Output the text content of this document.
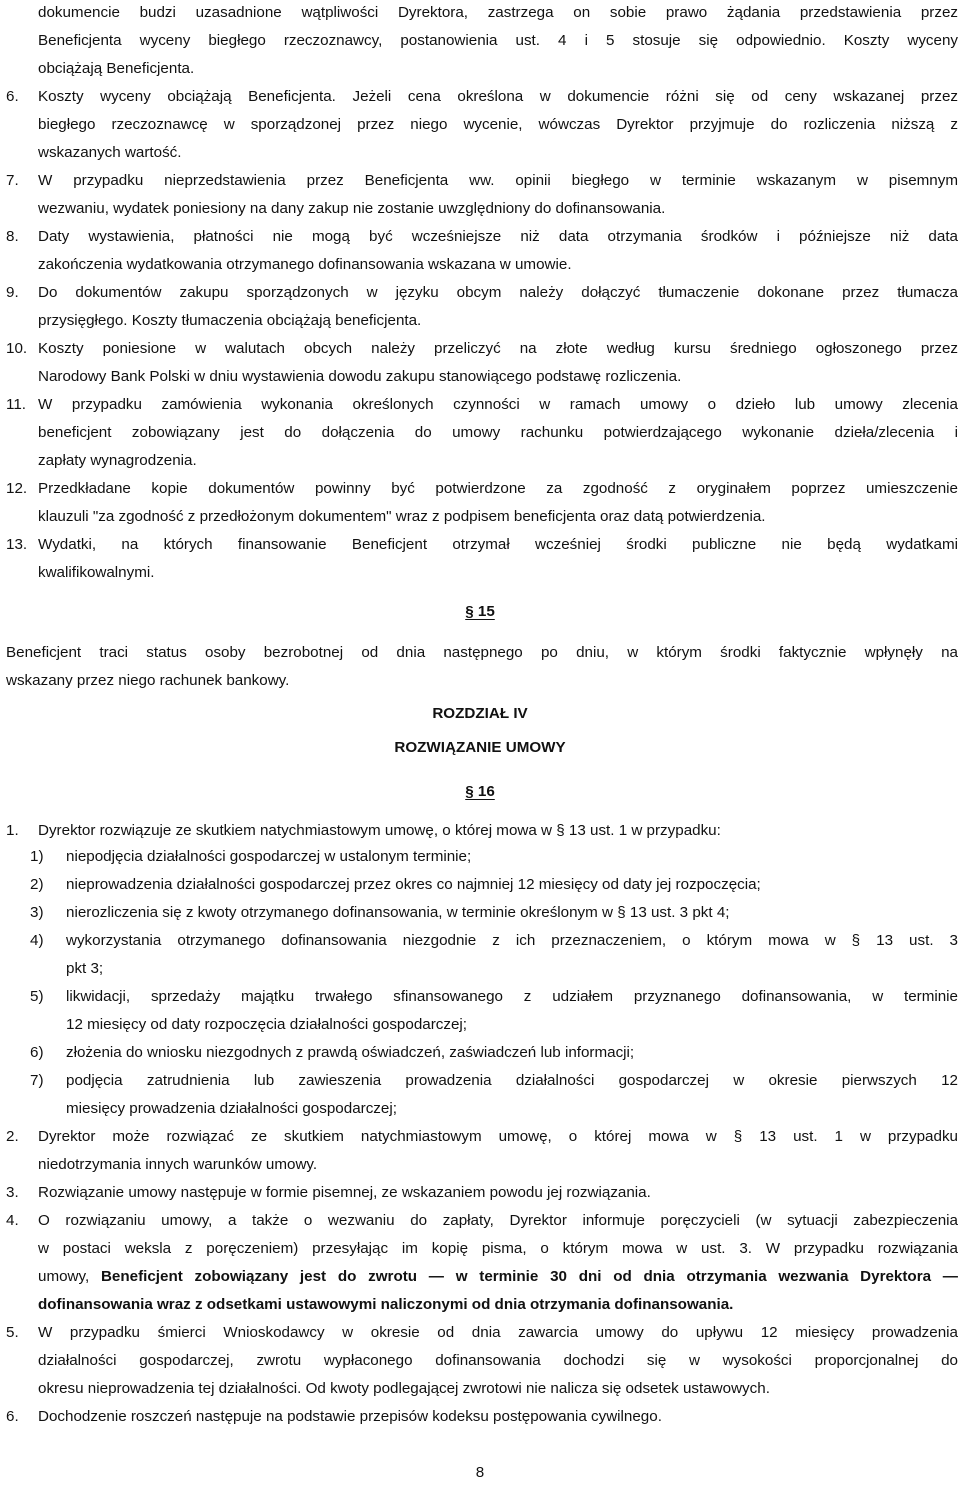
dokumencie budzi uzasadnione wątpliwości Dyrektora, zastrzega on sobie prawo żądania przedstawienia przez
Beneficjenta wyceny biegłego rzeczoznawcy, postanowienia ust. 4 i 5 stosuje się odpowiednio. Koszty wyceny
obciążają Beneficjenta.
6. Koszty wyceny obciążają Beneficjenta. Jeżeli cena określona w dokumencie różni się od ceny wskazanej przez
biegłego rzeczoznawcę w sporządzonej przez niego wycenie, wówczas Dyrektor przyjmuje do rozliczenia niższą z
wskazanych wartość.
7. W przypadku nieprzedstawienia przez Beneficjenta ww. opinii biegłego w terminie wskazanym w pisemnym
wezwaniu, wydatek poniesiony na dany zakup nie zostanie uwzględniony do dofinansowania.
8. Daty wystawienia, płatności nie mogą być wcześniejsze niż data otrzymania środków i późniejsze niż data
zakończenia wydatkowania otrzymanego dofinansowania wskazana w umowie.
9. Do dokumentów zakupu sporządzonych w języku obcym należy dołączyć tłumaczenie dokonane przez tłumacza
przysięgłego. Koszty tłumaczenia obciążają beneficjenta.
10. Koszty poniesione w walutach obcych należy przeliczyć na złote według kursu średniego ogłoszonego przez
Narodowy Bank Polski w dniu wystawienia dowodu zakupu stanowiącego podstawę rozliczenia.
11. W przypadku zamówienia wykonania określonych czynności w ramach umowy o dzieło lub umowy zlecenia
beneficjent zobowiązany jest do dołączenia do umowy rachunku potwierdzającego wykonanie dzieła/zlecenia i
zapłaty wynagrodzenia.
12. Przedkładane kopie dokumentów powinny być potwierdzone za zgodność z oryginałem poprzez umieszczenie
klauzuli "za zgodność z przedłożonym dokumentem" wraz z podpisem beneficjenta oraz datą potwierdzenia.
13. Wydatki, na których finansowanie Beneficjent otrzymał wcześniej środki publiczne nie będą wydatkami
kwalifikowalnymi.
§ 15
Beneficjent traci status osoby bezrobotnej od dnia następnego po dniu, w którym środki faktycznie wpłynęły na
wskazany przez niego rachunek bankowy.
ROZDZIAŁ IV
ROZWIĄZANIE UMOWY
§ 16
1. Dyrektor rozwiązuje ze skutkiem natychmiastowym umowę, o której mowa w § 13 ust. 1 w przypadku:
1) niepodjęcia działalności gospodarczej w ustalonym terminie;
2) nieprowadzenia działalności gospodarczej przez okres co najmniej 12 miesięcy od daty jej rozpoczęcia;
3) nierozliczenia się z kwoty otrzymanego dofinansowania, w terminie określonym w § 13 ust. 3 pkt 4;
4) wykorzystania otrzymanego dofinansowania niezgodnie z ich przeznaczeniem, o którym mowa w § 13 ust. 3
pkt 3;
5) likwidacji, sprzedaży majątku trwałego sfinansowanego z udziałem przyznanego dofinansowania, w terminie
12 miesięcy od daty rozpoczęcia działalności gospodarczej;
6) złożenia do wniosku niezgodnych z prawdą oświadczeń, zaświadczeń lub informacji;
7) podjęcia zatrudnienia lub zawieszenia prowadzenia działalności gospodarczej w okresie pierwszych 12
miesięcy prowadzenia działalności gospodarczej;
2. Dyrektor może rozwiązać ze skutkiem natychmiastowym umowę, o której mowa w § 13 ust. 1 w przypadku
niedotrzymania innych warunków umowy.
3. Rozwiązanie umowy następuje w formie pisemnej, ze wskazaniem powodu jej rozwiązania.
4. O rozwiązaniu umowy, a także o wezwaniu do zapłaty, Dyrektor informuje poręczycieli (w sytuacji zabezpieczenia
w postaci weksla z poręczeniem) przesyłając im kopię pisma, o którym mowa w ust. 3. W przypadku rozwiązania
umowy, Beneficjent zobowiązany jest do zwrotu — w terminie 30 dni od dnia otrzymania wezwania Dyrektora —
dofinansowania wraz z odsetkami ustawowymi naliczonymi od dnia otrzymania dofinansowania.
5. W przypadku śmierci Wnioskodawcy w okresie od dnia zawarcia umowy do upływu 12 miesięcy prowadzenia
działalności gospodarczej, zwrotu wypłaconego dofinansowania dochodzi się w wysokości proporcjonalnej do
okresu nieprowadzenia tej działalności. Od kwoty podlegającej zwrotowi nie nalicza się odsetek ustawowych.
6. Dochodzenie roszczeń następuje na podstawie przepisów kodeksu postępowania cywilnego.
8
